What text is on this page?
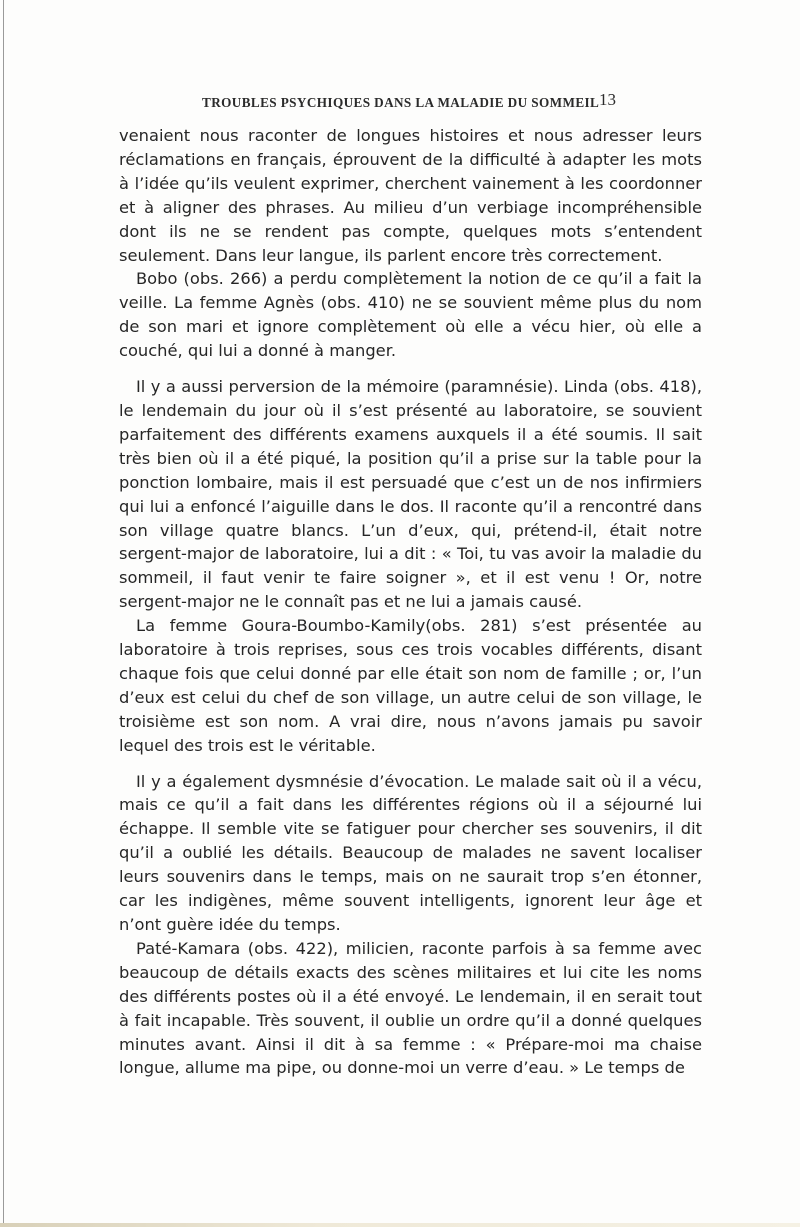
TROUBLES PSYCHIQUES DANS LA MALADIE DU SOMMEIL 13

venaient nous raconter de longues histoires et nous adresser leurs réclamations en français, éprouvent de la difficulté à adapter les mots à l’idée qu’ils veulent exprimer, cherchent vainement à les coordonner et à aligner des phrases. Au milieu d’un verbiage incompréhensible dont ils ne se rendent pas compte, quelques mots s’entendent seulement. Dans leur langue, ils parlent encore très correctement.

Bobo (obs. 266) a perdu complètement la notion de ce qu’il a fait la veille. La femme Agnès (obs. 410) ne se souvient même plus du nom de son mari et ignore complètement où elle a vécu hier, où elle a couché, qui lui a donné à manger.

Il y a aussi perversion de la mémoire (paramnésie). Linda (obs. 418), le lendemain du jour où il s’est présenté au laboratoire, se souvient parfaitement des différents examens auxquels il a été soumis. Il sait très bien où il a été piqué, la position qu’il a prise sur la table pour la ponction lombaire, mais il est persuadé que c’est un de nos infirmiers qui lui a enfoncé l’aiguille dans le dos. Il raconte qu’il a rencontré dans son village quatre blancs. L’un d’eux, qui, prétend-il, était notre sergent-major de laboratoire, lui a dit : « Toi, tu vas avoir la maladie du sommeil, il faut venir te faire soigner », et il est venu ! Or, notre sergent-major ne le connaît pas et ne lui a jamais causé.

La femme Goura-Boumbo-Kamily(obs. 281) s’est présentée au laboratoire à trois reprises, sous ces trois vocables différents, disant chaque fois que celui donné par elle était son nom de famille ; or, l’un d’eux est celui du chef de son village, un autre celui de son village, le troisième est son nom. A vrai dire, nous n’avons jamais pu savoir lequel des trois est le véritable.

Il y a également dysmnésie d’évocation. Le malade sait où il a vécu, mais ce qu’il a fait dans les différentes régions où il a séjourné lui échappe. Il semble vite se fatiguer pour chercher ses souvenirs, il dit qu’il a oublié les détails. Beaucoup de malades ne savent localiser leurs souvenirs dans le temps, mais on ne saurait trop s’en étonner, car les indigènes, même souvent intelligents, ignorent leur âge et n’ont guère idée du temps.

Paté-Kamara (obs. 422), milicien, raconte parfois à sa femme avec beaucoup de détails exacts des scènes militaires et lui cite les noms des différents postes où il a été envoyé. Le lendemain, il en serait tout à fait incapable. Très souvent, il oublie un ordre qu’il a donné quelques minutes avant. Ainsi il dit à sa femme : « Prépare-moi ma chaise longue, allume ma pipe, ou donne-moi un verre d’eau. » Le temps de
